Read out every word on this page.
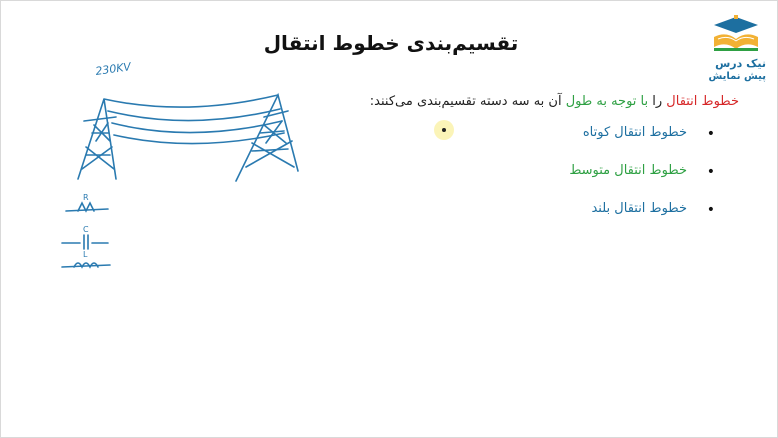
تقسیم‌بندی خطوط انتقال
نیک درس
پیش نمایش
خطوط انتقال را با توجه به طول آن به سه دسته تقسیم‌بندی می‌کنند:
•
خطوط انتقال کوتاه
•
خطوط انتقال متوسط
•
خطوط انتقال بلند
230KV
R
C
L
